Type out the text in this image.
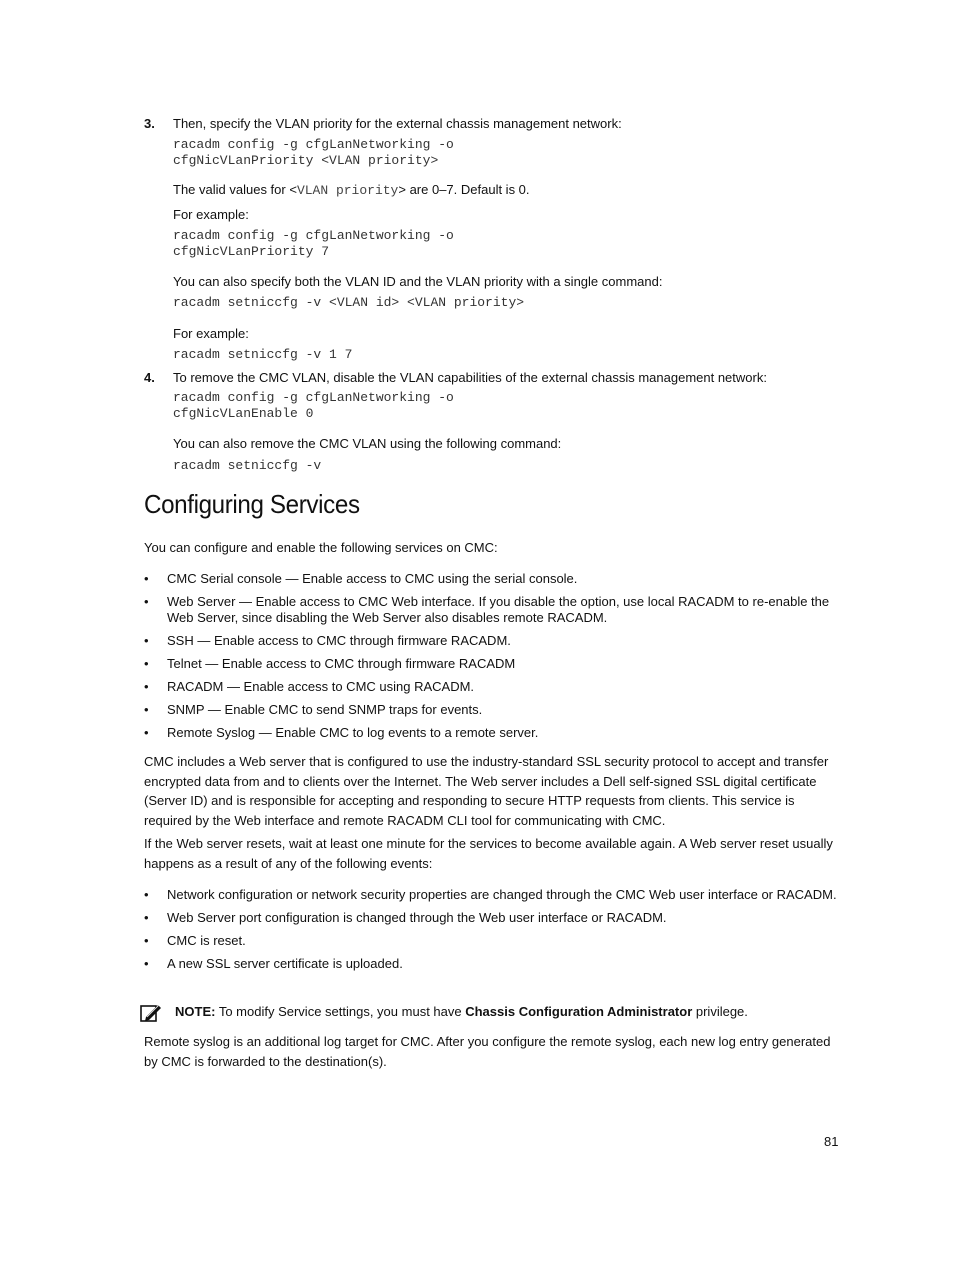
3. Then, specify the VLAN priority for the external chassis management network:
racadm config -g cfgLanNetworking -o
cfgNicVLanPriority <VLAN priority>
The valid values for <VLAN priority> are 0–7. Default is 0.
For example:
racadm config -g cfgLanNetworking -o
cfgNicVLanPriority 7
You can also specify both the VLAN ID and the VLAN priority with a single command:
racadm setniccfg -v <VLAN id> <VLAN priority>
For example:
racadm setniccfg -v 1 7
4. To remove the CMC VLAN, disable the VLAN capabilities of the external chassis management network:
racadm config -g cfgLanNetworking -o
cfgNicVLanEnable 0
You can also remove the CMC VLAN using the following command:
racadm setniccfg -v
Configuring Services
You can configure and enable the following services on CMC:
• CMC Serial console — Enable access to CMC using the serial console.
• Web Server — Enable access to CMC Web interface. If you disable the option, use local RACADM to re-enable the Web Server, since disabling the Web Server also disables remote RACADM.
• SSH — Enable access to CMC through firmware RACADM.
• Telnet — Enable access to CMC through firmware RACADM
• RACADM — Enable access to CMC using RACADM.
• SNMP — Enable CMC to send SNMP traps for events.
• Remote Syslog — Enable CMC to log events to a remote server.

CMC includes a Web server that is configured to use the industry-standard SSL security protocol to accept and transfer encrypted data from and to clients over the Internet. The Web server includes a Dell self-signed SSL digital certificate (Server ID) and is responsible for accepting and responding to secure HTTP requests from clients. This service is required by the Web interface and remote RACADM CLI tool for communicating with CMC.

If the Web server resets, wait at least one minute for the services to become available again. A Web server reset usually happens as a result of any of the following events:

• Network configuration or network security properties are changed through the CMC Web user interface or RACADM.
• Web Server port configuration is changed through the Web user interface or RACADM.
• CMC is reset.
• A new SSL server certificate is uploaded.
NOTE: To modify Service settings, you must have Chassis Configuration Administrator privilege.

Remote syslog is an additional log target for CMC. After you configure the remote syslog, each new log entry generated by CMC is forwarded to the destination(s).

81
